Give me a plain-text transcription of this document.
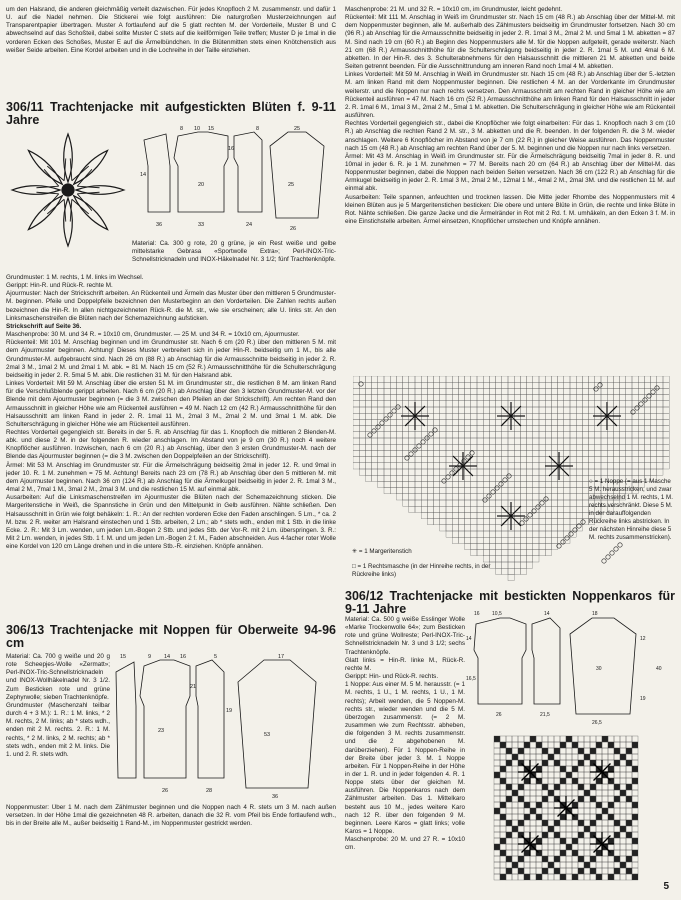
um den Halsrand, die anderen gleichmäßig verteilt dazwischen. Für jedes Knopfloch 2 M. zusammenstr. und dafür 1 U. auf die Nadel nehmen. Die Stickerei wie folgt ausführen: Die naturgroßen Musterzeichnungen auf Transparentpapier übertragen. Muster A fortlaufend auf die 5 glatt rechten M. der Vorderteile, Muster B und C abwechselnd auf das Schoßteil, dabei sollte Muster C stets auf die keilförmigen Teile treffen; Muster D je 1mal in die vorderen Ecken des Schoßes, Muster E auf die Ärmelbündchen. In die Blütenmitten stets einen Knötchenstich aus weißer Seide arbeiten. Eine Kordel arbeiten und in die Lochreihe in der Taille einziehen.

306/11 Trachtenjacke mit aufgestickten Blüten f. 9-11 Jahre
8 10 15
20
16
25
33	24
26
8
14
36
25

Material: Ca. 300 g rote, 20 g grüne, je ein Rest weiße und gelbe mittelstarke Gebrasa «Sportwolle Extra»; Perl-INOX-Tric-Schnellstricknadeln und INOX-Häkelnadel Nr. 3 1/2; fünf Trachtenknöpfe.

Grundmuster: 1 M. rechts, 1 M. links im Wechsel.

Gerippt: Hin-R. und Rück-R. rechte M.

Ajourmuster: Nach der Strickschrift arbeiten. An Rückenteil und Ärmeln das Muster über den mittleren 5 Grundmuster-M. beginnen. Pfeile und Doppelpfeile bezeichnen den Musterbeginn an den Vorderteilen. Die Zahlen rechts außen bezeichnen die Hin-R. In allen nichtgezeichneten Rück-R. die M. str., wie sie erscheinen; alle U. links str. An den Linksmaschenstreifen die Blüten nach der Schemazeichnung aufsticken.

Strickschrift auf Seite 36.

Maschenprobe: 30 M. und 34 R. = 10x10 cm, Grundmuster. — 25 M. und 34 R. = 10x10 cm, Ajourmuster.

Rückenteil: Mit 101 M. Anschlag beginnen und im Grundmuster str. Nach 6 cm (20 R.) über den mittleren 5 M. mit dem Ajourmuster beginnen. Achtung! Dieses Muster verbreitert sich in jeder Hin-R. beidseitig um 1 M., bis alle Grundmuster-M. aufgebraucht sind. Nach 26 cm (88 R.) ab Anschlag für die Armausschnitte beidseitig in jeder 2. R. 2mal 3 M., 1mal 2 M. und 2mal 1 M. abk. = 81 M. Nach 15 cm (52 R.) Armausschnitthöhe für die Schulterschrägung beidseitig in jeder 2. R. 5mal 5 M. abk. Die restlichen 31 M. für den Halsrand abk.

Linkes Vorderteil: Mit 59 M. Anschlag über die ersten 51 M. im Grundmuster str., die restlichen 8 M. am linken Rand für die Verschlußblende gerippt arbeiten. Nach 6 cm (20 R.) ab Anschlag über den 3 letzten Grundmuster-M. vor der Blende mit dem Ajourmuster beginnen (= die 3 M. zwischen den Pfeilen an der Strickschrift). Am rechten Rand den Armausschnitt in gleicher Höhe wie am Rückenteil ausführen = 49 M. Nach 12 cm (42 R.) Armausschnitthöhe für den Halsausschnitt am linken Rand in jeder 2. R. 1mal 11 M., 2mal 3 M., 2mal 2 M. und 3mal 1 M. abk. Die Schulterschrägung in gleicher Höhe wie am Rückenteil ausführen.

Rechtes Vorderteil gegengleich str. Bereits in der 5. R. ab Anschlag für das 1. Knopfloch die mittleren 2 Blenden-M. abk. und diese 2 M. in der folgenden R. wieder anschlagen. Im Abstand von je 9 cm (30 R.) noch 4 weitere Knopflöcher ausführen. Inzwischen, nach 6 cm (20 R.) ab Anschlag, über den 3 ersten Grundmuster-M. nach der Blende das Ajourmuster beginnen (= die 3 M. zwischen den Doppelpfeilen an der Strickschrift).

Ärmel: Mit 53 M. Anschlag im Grundmuster str. Für die Ärmelschrägung beidseitig 2mal in jeder 12. R. und 9mal in jeder 10. R. 1 M. zunehmen = 75 M. Achtung! Bereits nach 23 cm (78 R.) ab Anschlag über den 5 mittleren M. mit dem Ajourmuster beginnen. Nach 36 cm (124 R.) ab Anschlag für die Ärmelkugel beidseitig in jeder 2. R. 1mal 3 M., 4mal 2 M., 7mal 1 M., 3mal 2 M., 2mal 3 M. und die restlichen 15 M. auf einmal abk.

Ausarbeiten: Auf die Linksmaschenstreifen im Ajourmuster die Blüten nach der Schemazeichnung sticken. Die Margeritenstiche in Weiß, die Spannstiche in Grün und den Mittelpunkt in Gelb ausführen. Nähte schließen. Den Halsausschnitt in Grün wie folgt behäkeln: 1. R.: An der rechten vorderen Ecke den Faden anschlingen. 5 Lm., * ca. 2 M. bzw. 2 R. weiter am Halsrand einstechen und 1 Stb. arbeiten, 2 Lm.; ab * stets wdh., enden mit 1 Stb. in die linke Ecke. 2. R.: Mit 3 Lm. wenden, um jeden Lm.-Bogen 2 Stb. und jedes Stb. der Vor-R. mit 2 Lm. überspringen. 3. R.: Mit 2 Lm. wenden, in jedes Stb. 1 f. M. und um jeden Lm.-Bogen 2 f. M., Faden abschneiden. Aus 4-facher roter Wolle eine Kordel von 120 cm Länge drehen und in die untere Stb.-R. einziehen. Knöpfe annähen.

306/13 Trachtenjacke mit Noppen für Oberweite 94-96 cm

Material: Ca. 700 g weiße und 20 g rote Scheepjes-Wolle «Zermatt»; Perl-INOX-Tric-Schnellstricknadeln und INOX-Wollhäkelnadel Nr. 3 1/2. Zum Besticken rote und grüne Zephyrwolle; sieben Trachtenknöpfe.

Grundmuster (Maschenzahl teilbar durch 4 + 3 M.): 1. R.: 1 M. links, * 2 M. rechts, 2 M. links; ab * stets wdh., enden mit 2 M. rechts. 2. R.: 1 M. rechts, * 2 M. links, 2 M. rechts; ab * stets wdh., enden mit 2 M. links. Die 1. und 2. R. stets wdh.

9 14 16
23
53
26	28
36
21
19
15	5	17

Noppenmuster: Über 1 M. nach dem Zählmuster beginnen und die Noppen nach 4 R. stets um 3 M. nach außen versetzen. In der Höhe 1mal die gezeichneten 48 R. arbeiten, danach die 32 R. vom Pfeil bis Ende fortlaufend wdh., bis in der Breite alle M., außer beidseitig 1 Rand-M., im Noppenmuster gestrickt werden.

Maschenprobe: 21 M. und 32 R. = 10x10 cm, im Grundmuster, leicht gedehnt.

Rückenteil: Mit 111 M. Anschlag in Weiß im Grundmuster str. Nach 15 cm (48 R.) ab Anschlag über der Mittel-M. mit dem Noppenmuster beginnen, alle M. außerhalb des Zählmusters beidseitig im Grundmuster fortsetzen. Nach 30 cm (96 R.) ab Anschlag für die Armausschnitte beidseitig in jeder 2. R. 1mal 3 M., 2mal 2 M. und 5mal 1 M. abketten = 87 M. Sind nach 19 cm (60 R.) ab Beginn des Noppenmusters alle M. für die Noppen aufgeteilt, gerade weiterstr. Nach 21 cm (68 R.) Armausschnitthöhe für die Schulterschrägung beidseitig in jeder 2. R. 1mal 5 M. und 4mal 6 M. abketten. In der Hin-R. des 3. Schulterabnehmens für den Halsausschnitt die mittleren 21 M. abketten und beide Seiten getrennt beenden. Für die Ausschnittrundung am inneren Rand noch 1mal 4 M. abketten.

Linkes Vorderteil: Mit 59 M. Anschlag in Weiß im Grundmuster str. Nach 15 cm (48 R.) ab Anschlag über der 5.-letzten M. am linken Rand mit dem Noppenmuster beginnen. Die restlichen 4 M. an der Vorderkante im Grundmuster weiterstr. und die Noppen nur nach rechts versetzen. Den Armausschnitt am rechten Rand in gleicher Höhe wie am Rückenteil ausführen = 47 M. Nach 16 cm (52 R.) Armausschnitthöhe am linken Rand für den Halsausschnitt in jeder 2. R. 1mal 6 M., 1mal 3 M., 2mal 2 M., 5mal 1 M. abketten. Die Schulterschrägung in gleicher Höhe wie am Rückenteil ausführen.

Rechtes Vorderteil gegengleich str., dabei die Knopflöcher wie folgt einarbeiten: Für das 1. Knopfloch nach 3 cm (10 R.) ab Anschlag die rechten Rand 2 M. str., 3 M. abketten und die R. beenden. In der folgenden R. die 3 M. wieder anschlagen. Weitere 6 Knopflöcher im Abstand von je 7 cm (22 R.) in gleicher Weise ausführen. Das Noppenmuster nach 15 cm (48 R.) ab Anschlag am rechten Rand über der 5. M. beginnen und die Noppen nur nach links versetzen.

Ärmel: Mit 43 M. Anschlag in Weiß im Grundmuster str. Für die Ärmelschrägung beidseitig 7mal in jeder 8. R. und 10mal in jeder 6. R. je 1 M. zunehmen = 77 M. Bereits nach 20 cm (64 R.) ab Anschlag über der Mittel-M. das Noppenmuster beginnen, dabei die Noppen nach beiden Seiten versetzen. Nach 36 cm (122 R.) ab Anschlag für die Armkugel beidseitig in jeder 2. R. 1mal 3 M., 2mal 2 M., 12mal 1 M., 4mal 2 M., 2mal 3M. und die restlichen 11 M. auf einmal abk.

Ausarbeiten: Teile spannen, anfeuchten und trocknen lassen. Die Mitte jeder Rhombe des Noppenmusters mit 4 kleinen Blüten aus je 5 Margeritenstichen besticken: Die obere und untere Blüte in Grün, die rechte und linke Blüte in Rot. Nähte schließen. Die ganze Jacke und die Ärmelränder in Rot mit 2 Rd. f. M. umhäkeln, an den Ecken 3 f. M. in eine Einstichstelle arbeiten. Ärmel einsetzen, Knopflöcher umstechen und Knöpfe annähen.

○ = 1 Noppe (= aus 1 Masche 5 M. herausstricken, und zwar abwechselnd 1 M. rechts, 1 M. rechts verschränkt. Diese 5 M. in der darauffolgenden Rückreihe links abstricken. In der nächsten Hinreihe diese 5 M. rechts zusammenstricken).
✳ = 1 Margeritenstich
□ = 1 Rechtsmasche (in der Hinreihe rechts, in der Rückreihe links)
306/12 Trachtenjacke mit bestickten Noppenkaros für 9-11 Jahre

Material: Ca. 500 g weiße Esslinger Wolle «Marke Trockenwolle 64»; zum Besticken rote und grüne Wollreste; Perl-INOX-Tric-Schnellstricknadeln Nr. 3 und 3 1/2; sechs Trachtenknöpfe.

Glatt links = Hin-R. linke M., Rück-R. rechte M.

Gerippt: Hin- und Rück-R. rechts.

1 Noppe: Aus einer M. 5 M. herausstr. (= 1 M. rechts, 1 U., 1 M. rechts, 1 U., 1 M. rechts); Arbeit wenden, die 5 Noppen-M. rechts str., wieder wenden und die 5 M. überzogen zusammenstr. (= 2 M. zusammen wie zum Rechtsstr. abheben, die folgenden 3 M. rechts zusammenstr. und die 2 abgehobenen M. darüberziehen). Für 1 Noppen-Reihe in der Breite über jeder 3. M. 1 Noppe arbeiten. Für 1 Noppen-Reihe in der Höhe in der 1. R. und in jeder folgenden 4. R. 1 Noppe stets über der gleichen M. ausführen. Die Noppenkaros nach dem Zählmuster arbeiten. Das 1. Mittelkaro besteht aus 10 M., jedes weitere Karo nach 12 R. über den folgenden 9 M. beginnen. Leere Karos = glatt links; volle Karos = 1 Noppe.

Maschenprobe: 20 M. und 27 R. = 10x10 cm.

16 10,5	14	18
14
16,5
30
26	21,5
26,5
40
12
19
5
